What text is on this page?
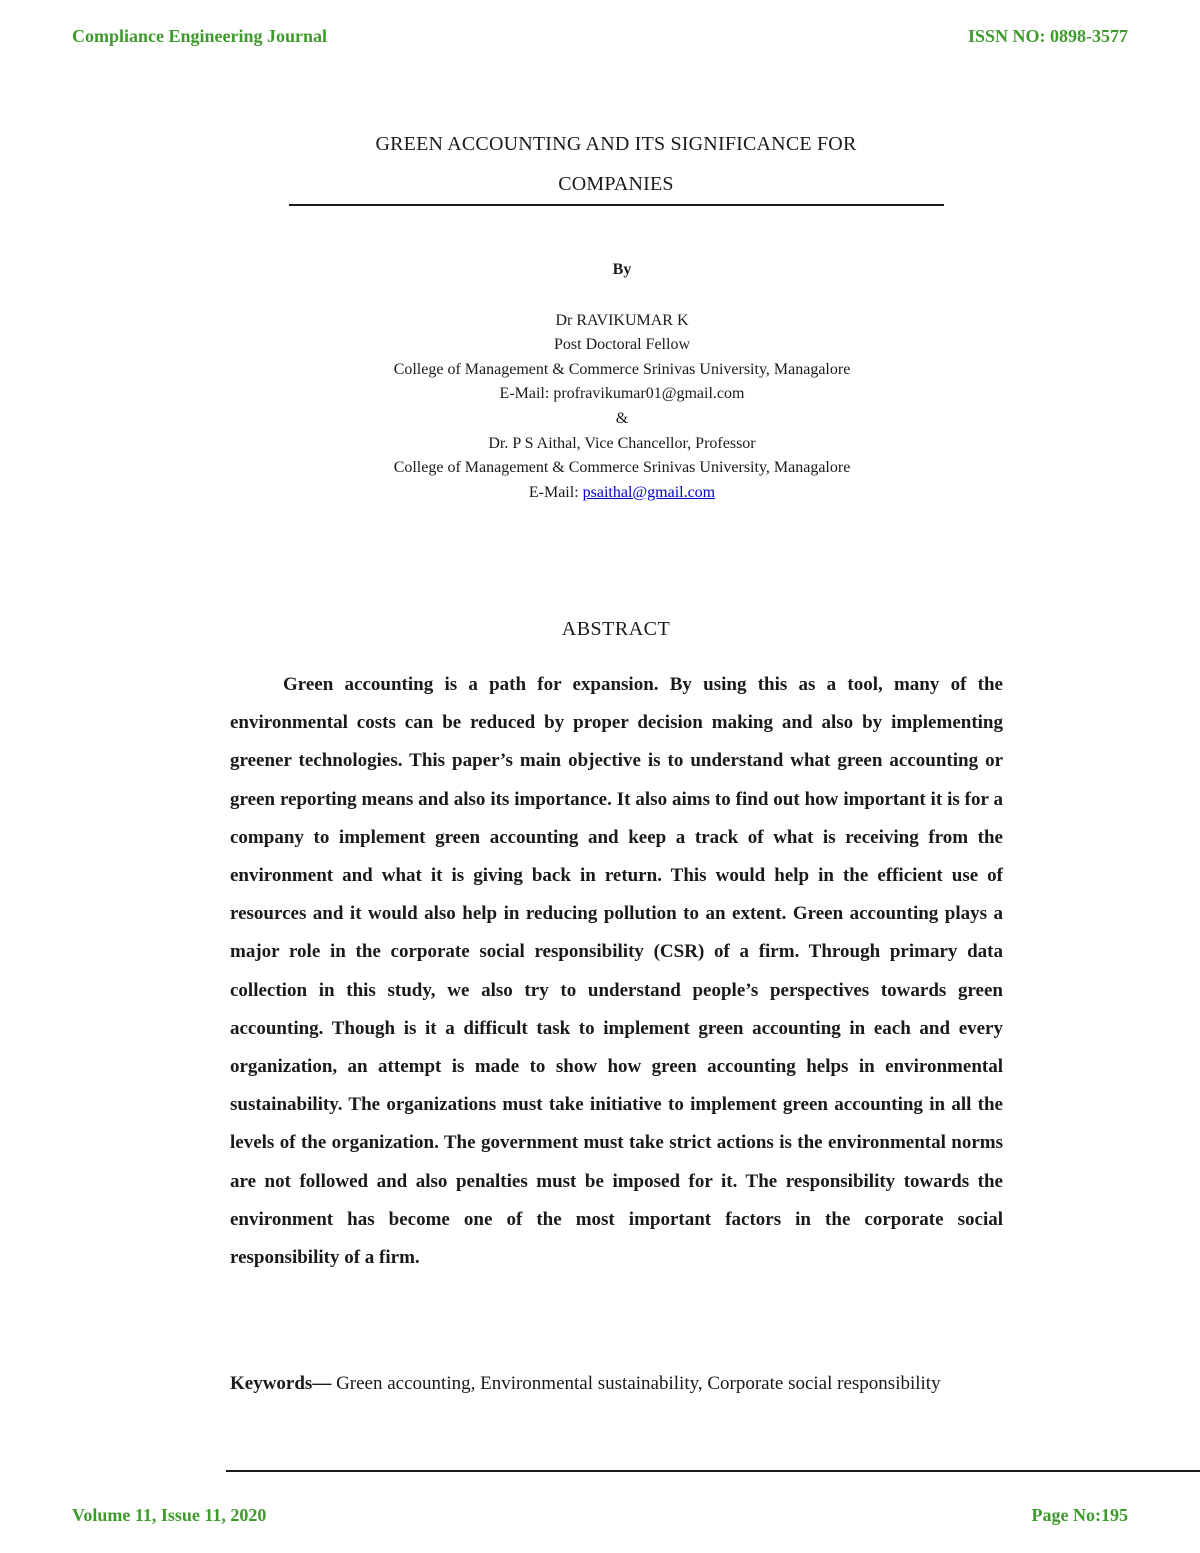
Compliance Engineering Journal	ISSN NO: 0898-3577
GREEN ACCOUNTING AND ITS SIGNIFICANCE FOR
COMPANIES
By
Dr RAVIKUMAR K
Post Doctoral Fellow
College of Management & Commerce Srinivas University, Managalore
E-Mail: profravikumar01@gmail.com
&
Dr. P S Aithal, Vice Chancellor, Professor
College of Management & Commerce Srinivas University, Managalore
E-Mail: psaithal@gmail.com
ABSTRACT

Green accounting is a path for expansion. By using this as a tool, many of the environmental costs can be reduced by proper decision making and also by implementing greener technologies. This paper’s main objective is to understand what green accounting or green reporting means and also its importance. It also aims to find out how important it is for a company to implement green accounting and keep a track of what is receiving from the environment and what it is giving back in return. This would help in the efficient use of resources and it would also help in reducing pollution to an extent. Green accounting plays a major role in the corporate social responsibility (CSR) of a firm. Through primary data collection in this study, we also try to understand people’s perspectives towards green accounting. Though is it a difficult task to implement green accounting in each and every organization, an attempt is made to show how green accounting helps in environmental sustainability. The organizations must take initiative to implement green accounting in all the levels of the organization. The government must take strict actions is the environmental norms are not followed and also penalties must be imposed for it. The responsibility towards the environment has become one of the most important factors in the corporate social responsibility of a firm.

Keywords— Green accounting, Environmental sustainability, Corporate social responsibility

Volume 11, Issue 11, 2020	Page No:195
